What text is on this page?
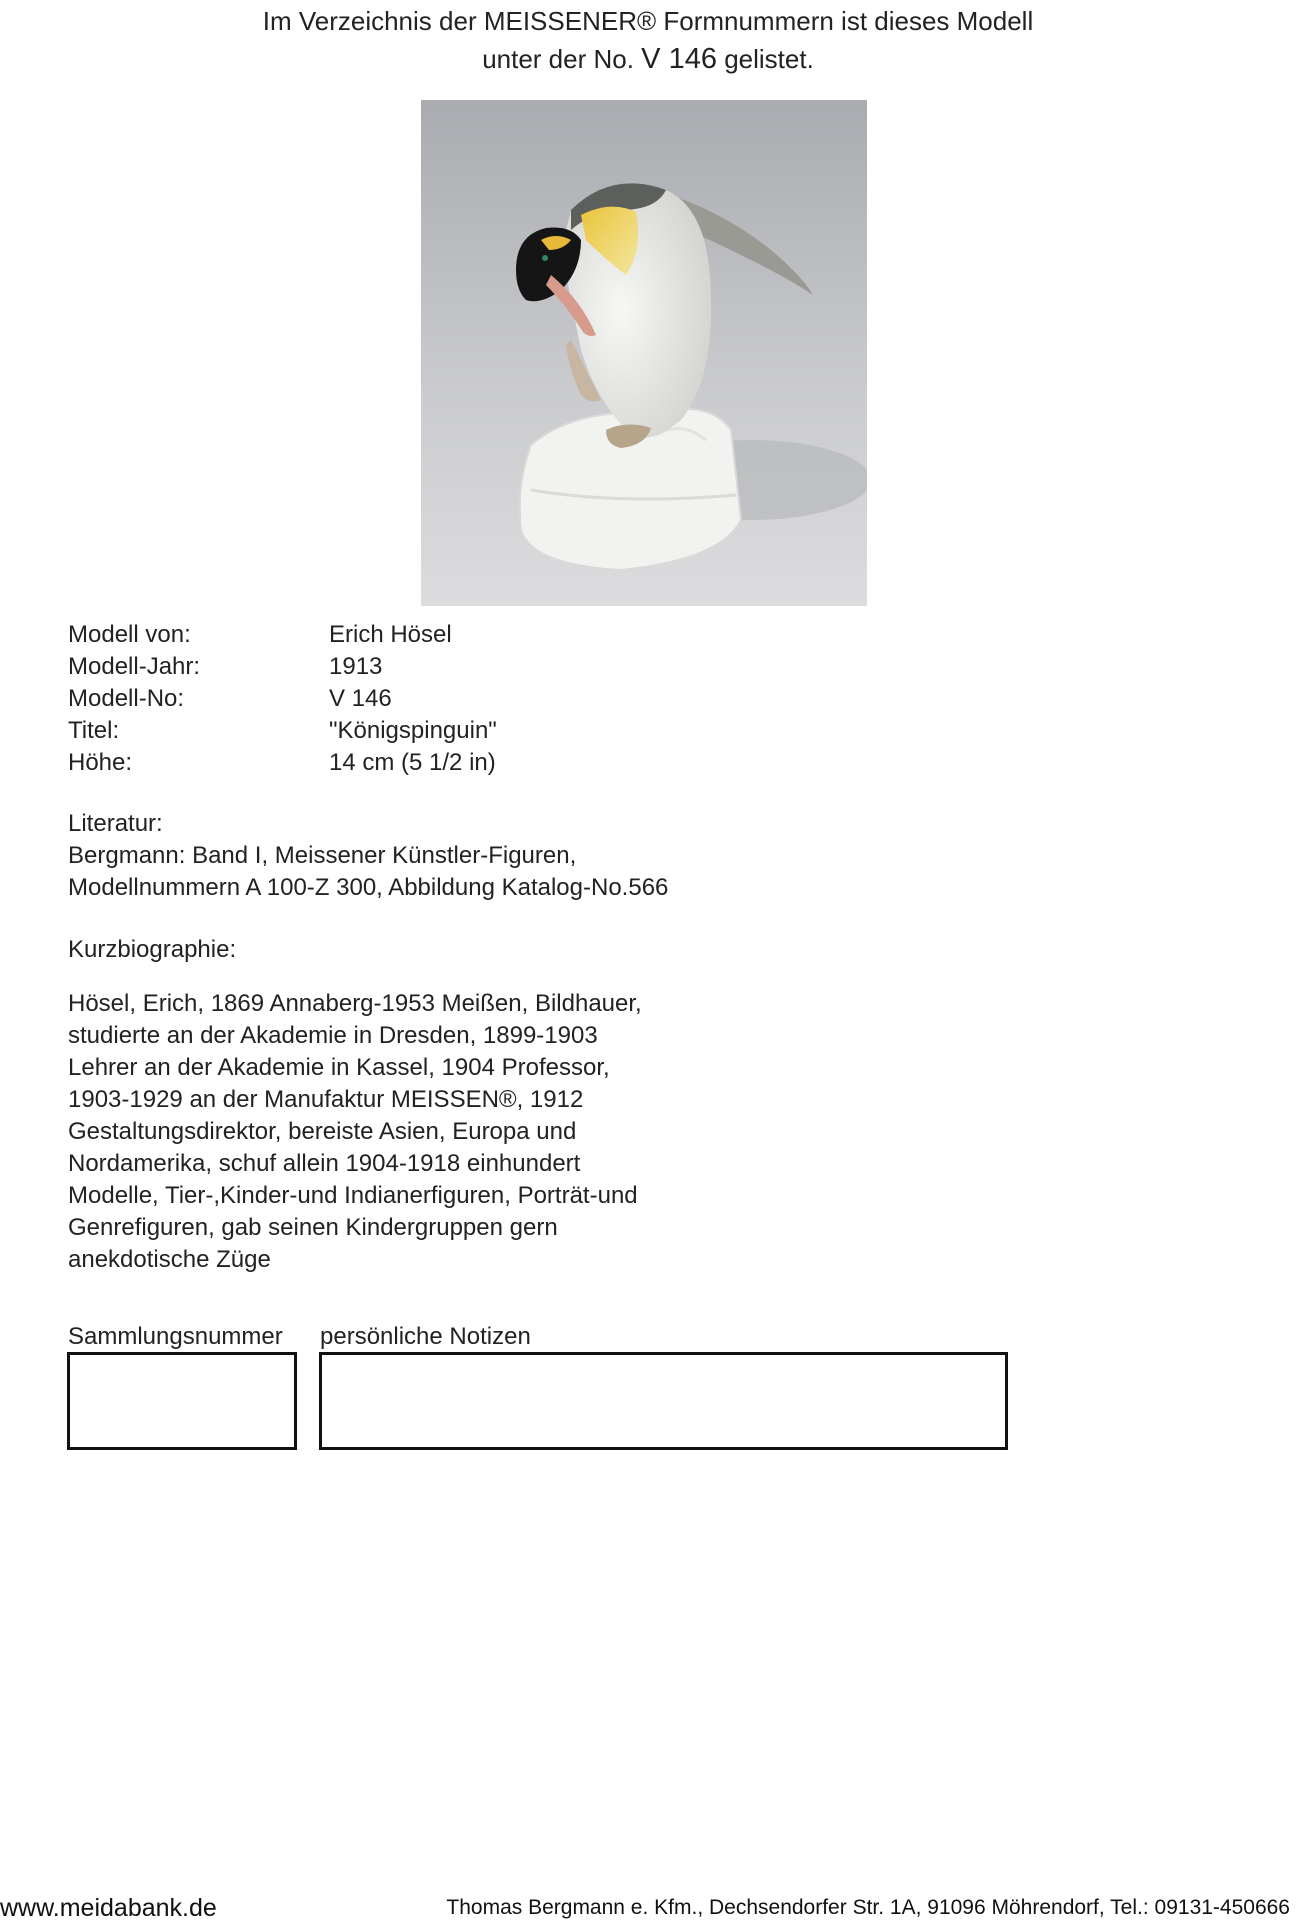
Im Verzeichnis der MEISSENER® Formnummern ist dieses Modell
unter der No. V 146 gelistet.
Modell von:	Erich Hösel
Modell-Jahr:	1913
Modell-No:	V 146
Titel:	"Königspinguin"
Höhe:	14 cm (5 1/2 in)
Literatur:
Bergmann: Band I, Meissener Künstler-Figuren,
Modellnummern A 100-Z 300, Abbildung Katalog-No.566
Kurzbiographie:
Hösel, Erich, 1869 Annaberg-1953 Meißen, Bildhauer,
studierte an der Akademie in Dresden, 1899-1903
Lehrer an der Akademie in Kassel, 1904 Professor,
1903-1929 an der Manufaktur MEISSEN®, 1912
Gestaltungsdirektor, bereiste Asien, Europa und
Nordamerika, schuf allein 1904-1918 einhundert
Modelle, Tier-,Kinder-und Indianerfiguren, Porträt-und
Genrefiguren, gab seinen Kindergruppen gern
anekdotische Züge
Sammlungsnummer persönliche Notizen
www.meidabank.de	Thomas Bergmann e. Kfm., Dechsendorfer Str. 1A, 91096 Möhrendorf, Tel.: 09131-450666
